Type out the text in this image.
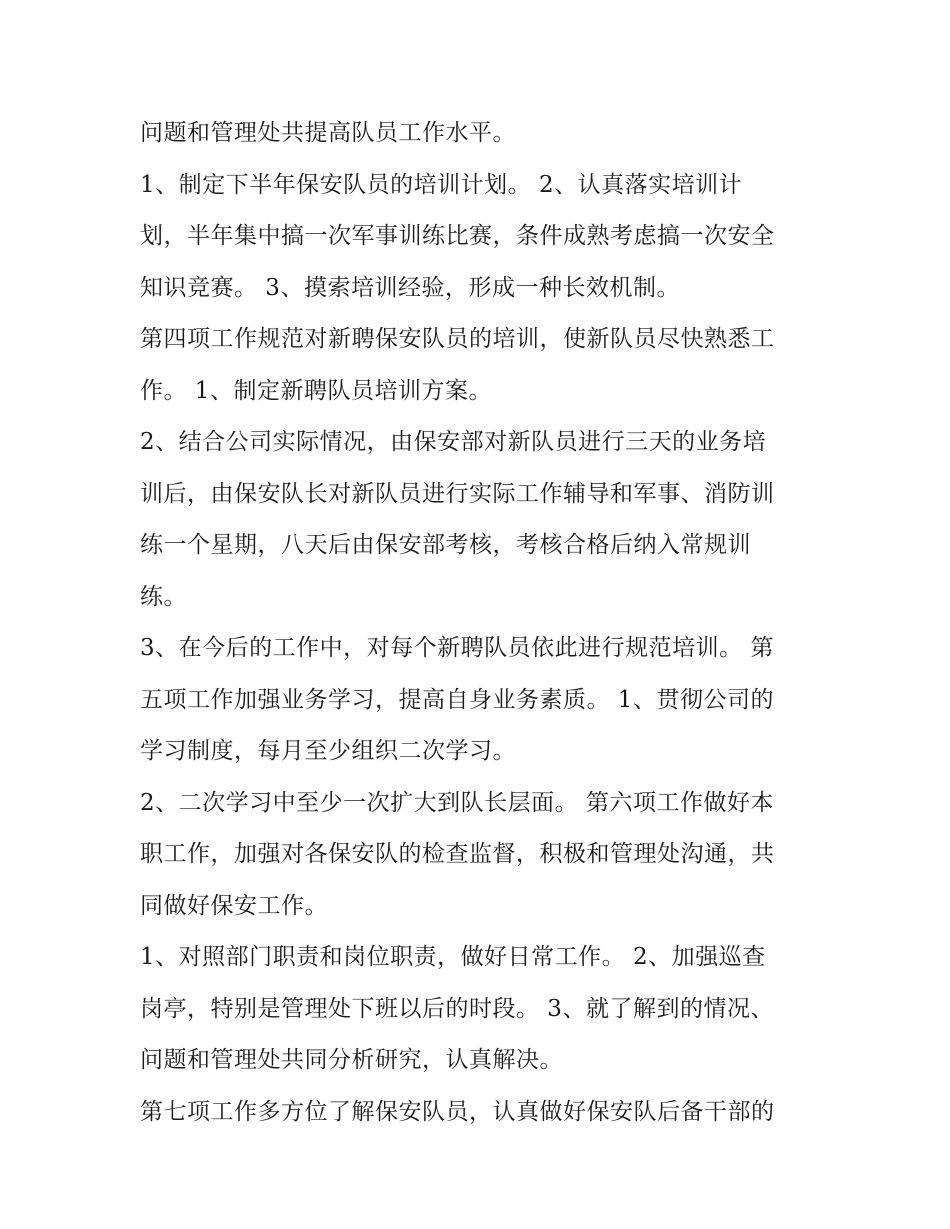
问题和管理处共提高队员工作水平。
1、制定下半年保安队员的培训计划。 2、认真落实培训计
划，半年集中搞一次军事训练比赛，条件成熟考虑搞一次安全
知识竞赛。 3、摸索培训经验，形成一种长效机制。
第四项工作规范对新聘保安队员的培训，使新队员尽快熟悉工
作。 1、制定新聘队员培训方案。
2、结合公司实际情况，由保安部对新队员进行三天的业务培
训后，由保安队长对新队员进行实际工作辅导和军事、消防训
练一个星期，八天后由保安部考核，考核合格后纳入常规训
练。
3、在今后的工作中，对每个新聘队员依此进行规范培训。 第
五项工作加强业务学习，提高自身业务素质。 1、贯彻公司的
学习制度，每月至少组织二次学习。
2、二次学习中至少一次扩大到队长层面。 第六项工作做好本
职工作，加强对各保安队的检查监督，积极和管理处沟通，共
同做好保安工作。
1、对照部门职责和岗位职责，做好日常工作。 2、加强巡查
岗亭，特别是管理处下班以后的时段。 3、就了解到的情况、
问题和管理处共同分析研究，认真解决。
第七项工作多方位了解保安队员，认真做好保安队后备干部的
